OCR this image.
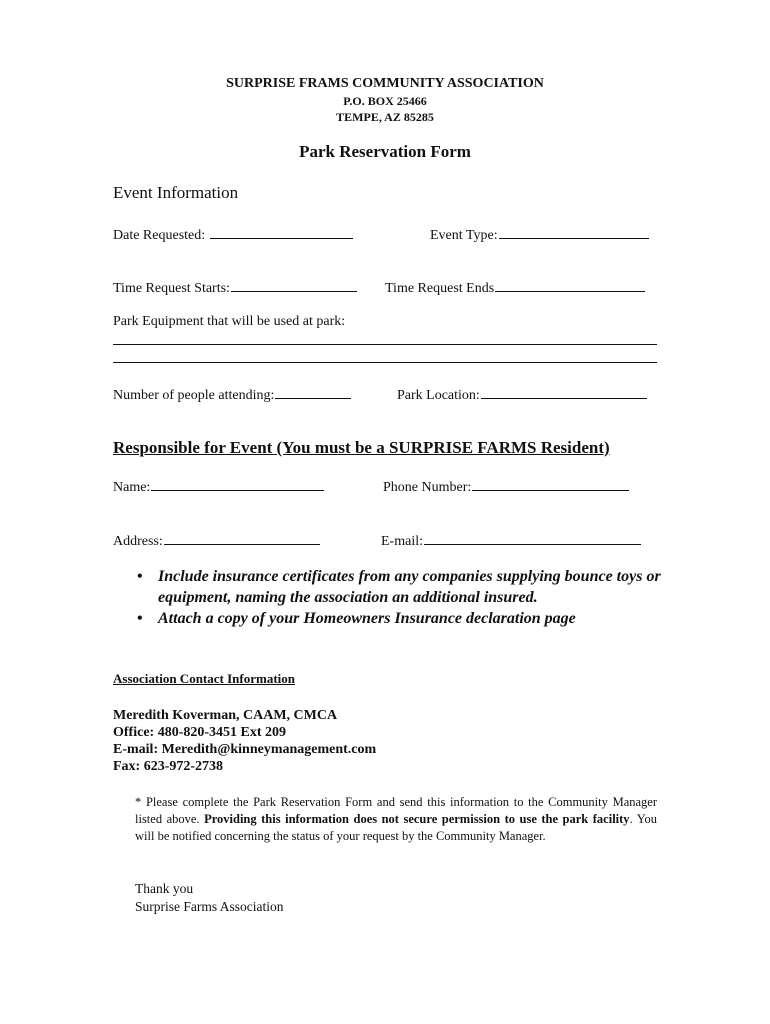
SURPRISE FRAMS COMMUNITY ASSOCIATION
P.O. BOX 25466
TEMPE, AZ 85285
Park Reservation Form
Event Information
Date Requested:	Event Type:
Time Request Starts:	Time Request Ends
Park Equipment that will be used at park:
Number of people attending:	Park Location:
Responsible for Event (You must be a SURPRISE FARMS Resident)
Name:	Phone Number:
Address:	E-mail:
• Include insurance certificates from any companies supplying bounce toys or equipment, naming the association an additional insured.
• Attach a copy of your Homeowners Insurance declaration page
Association Contact Information
Meredith Koverman, CAAM, CMCA
Office: 480-820-3451 Ext 209
E-mail: Meredith@kinneymanagement.com
Fax: 623-972-2738
* Please complete the Park Reservation Form and send this information to the Community Manager listed above. Providing this information does not secure permission to use the park facility. You will be notified concerning the status of your request by the Community Manager.
Thank you
Surprise Farms Association
